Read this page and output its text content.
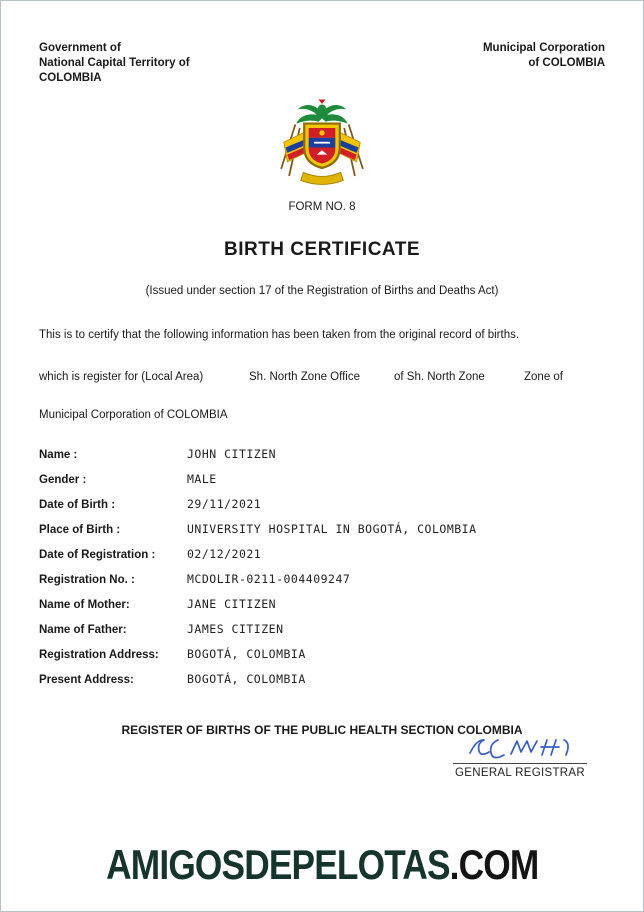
Government of
National Capital Territory of
COLOMBIA
Municipal Corporation
of COLOMBIA
FORM NO. 8
BIRTH CERTIFICATE
(Issued under section 17 of the Registration of Births and Deaths Act)
This is to certify that the following information has been taken from the original record of births.
which is register for (Local Area)	Sh. North Zone Office	of Sh. North Zone	Zone of
Municipal Corporation of COLOMBIA
Name :	JOHN CITIZEN
Gender :	MALE
Date of Birth :	29/11/2021
Place of Birth :	UNIVERSITY HOSPITAL IN BOGOTÁ, COLOMBIA
Date of Registration :	02/12/2021
Registration No. :	MCDOLIR-0211-004409247
Name of Mother:	JANE CITIZEN
Name of Father:	JAMES CITIZEN
Registration Address:	BOGOTÁ, COLOMBIA
Present Address:	BOGOTÁ, COLOMBIA
REGISTER OF BIRTHS OF THE PUBLIC HEALTH SECTION COLOMBIA
GENERAL REGISTRAR
AMIGOSDEPELOTAS.COM
